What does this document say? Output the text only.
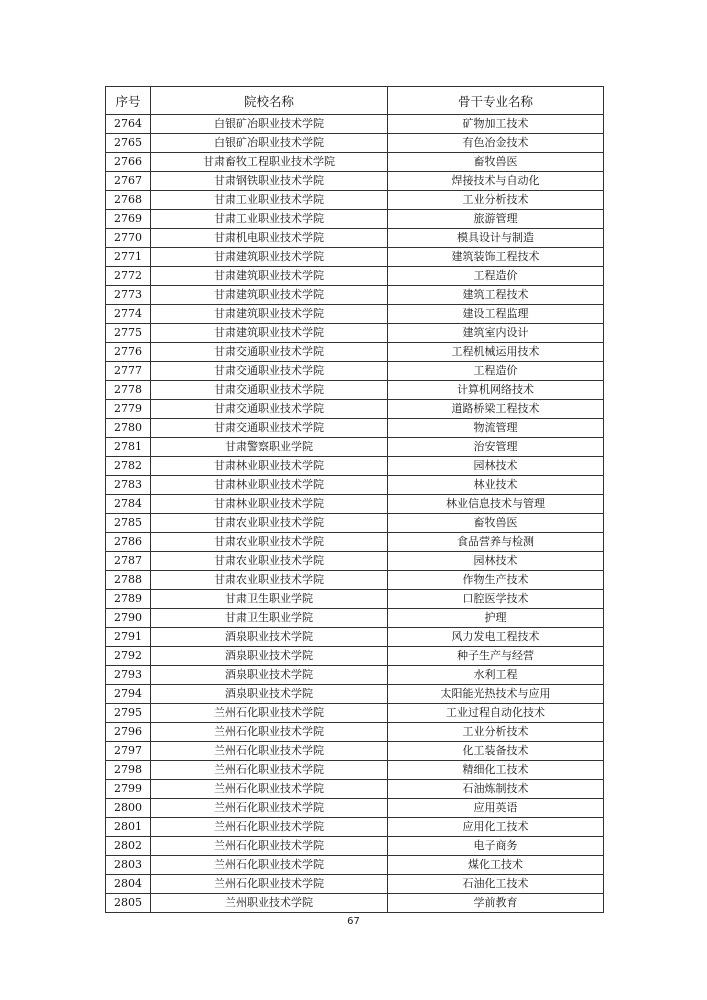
序号	院校名称	骨干专业名称
2764	白银矿冶职业技术学院	矿物加工技术
2765	白银矿冶职业技术学院	有色冶金技术
2766	甘肃畜牧工程职业技术学院	畜牧兽医
2767	甘肃钢铁职业技术学院	焊接技术与自动化
2768	甘肃工业职业技术学院	工业分析技术
2769	甘肃工业职业技术学院	旅游管理
2770	甘肃机电职业技术学院	模具设计与制造
2771	甘肃建筑职业技术学院	建筑装饰工程技术
2772	甘肃建筑职业技术学院	工程造价
2773	甘肃建筑职业技术学院	建筑工程技术
2774	甘肃建筑职业技术学院	建设工程监理
2775	甘肃建筑职业技术学院	建筑室内设计
2776	甘肃交通职业技术学院	工程机械运用技术
2777	甘肃交通职业技术学院	工程造价
2778	甘肃交通职业技术学院	计算机网络技术
2779	甘肃交通职业技术学院	道路桥梁工程技术
2780	甘肃交通职业技术学院	物流管理
2781	甘肃警察职业学院	治安管理
2782	甘肃林业职业技术学院	园林技术
2783	甘肃林业职业技术学院	林业技术
2784	甘肃林业职业技术学院	林业信息技术与管理
2785	甘肃农业职业技术学院	畜牧兽医
2786	甘肃农业职业技术学院	食品营养与检测
2787	甘肃农业职业技术学院	园林技术
2788	甘肃农业职业技术学院	作物生产技术
2789	甘肃卫生职业学院	口腔医学技术
2790	甘肃卫生职业学院	护理
2791	酒泉职业技术学院	风力发电工程技术
2792	酒泉职业技术学院	种子生产与经营
2793	酒泉职业技术学院	水利工程
2794	酒泉职业技术学院	太阳能光热技术与应用
2795	兰州石化职业技术学院	工业过程自动化技术
2796	兰州石化职业技术学院	工业分析技术
2797	兰州石化职业技术学院	化工装备技术
2798	兰州石化职业技术学院	精细化工技术
2799	兰州石化职业技术学院	石油炼制技术
2800	兰州石化职业技术学院	应用英语
2801	兰州石化职业技术学院	应用化工技术
2802	兰州石化职业技术学院	电子商务
2803	兰州石化职业技术学院	煤化工技术
2804	兰州石化职业技术学院	石油化工技术
2805	兰州职业技术学院	学前教育
67
